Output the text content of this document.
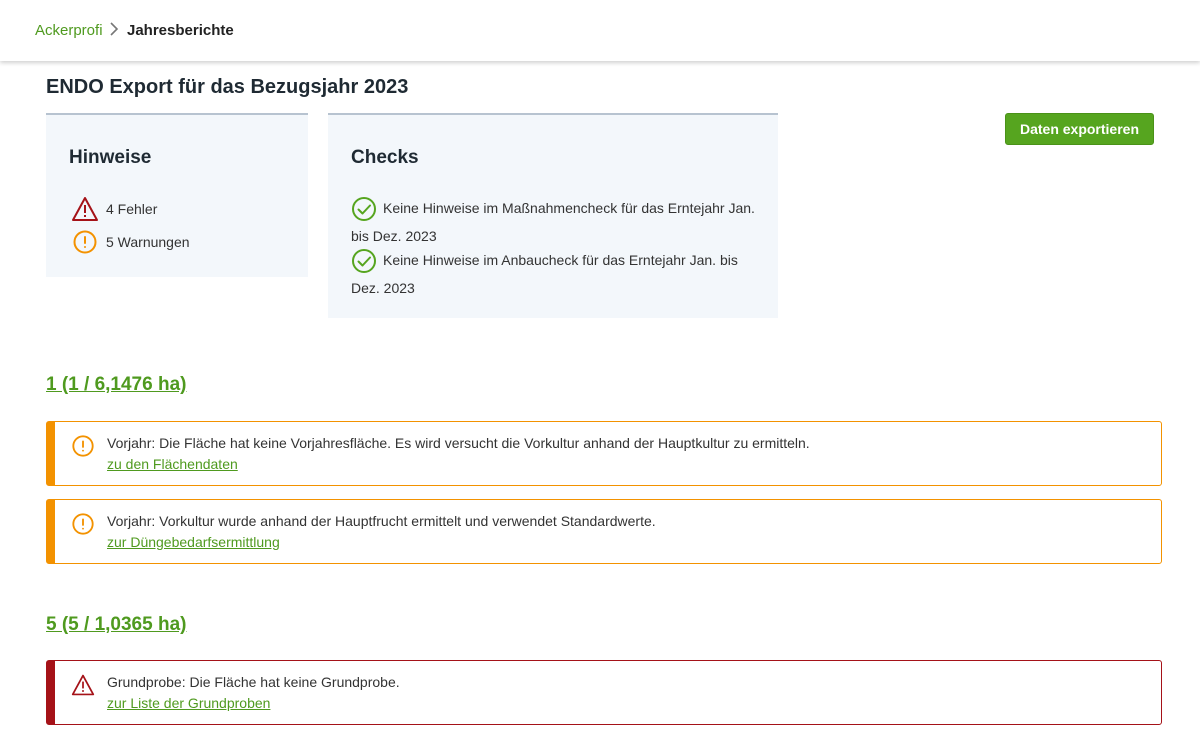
Ackerprofi Jahresberichte
ENDO Export für das Bezugsjahr 2023
Daten exportieren
Hinweise
4 Fehler
5 Warnungen
Checks
Keine Hinweise im Maßnahmencheck für das Erntejahr Jan. bis Dez. 2023
Keine Hinweise im Anbaucheck für das Erntejahr Jan. bis Dez. 2023
1 (1 / 6,1476 ha)
Vorjahr: Die Fläche hat keine Vorjahresfläche. Es wird versucht die Vorkultur anhand der Hauptkultur zu ermitteln.
zu den Flächendaten
Vorjahr: Vorkultur wurde anhand der Hauptfrucht ermittelt und verwendet Standardwerte.
zur Düngebedarfsermittlung
5 (5 / 1,0365 ha)
Grundprobe: Die Fläche hat keine Grundprobe.
zur Liste der Grundproben
